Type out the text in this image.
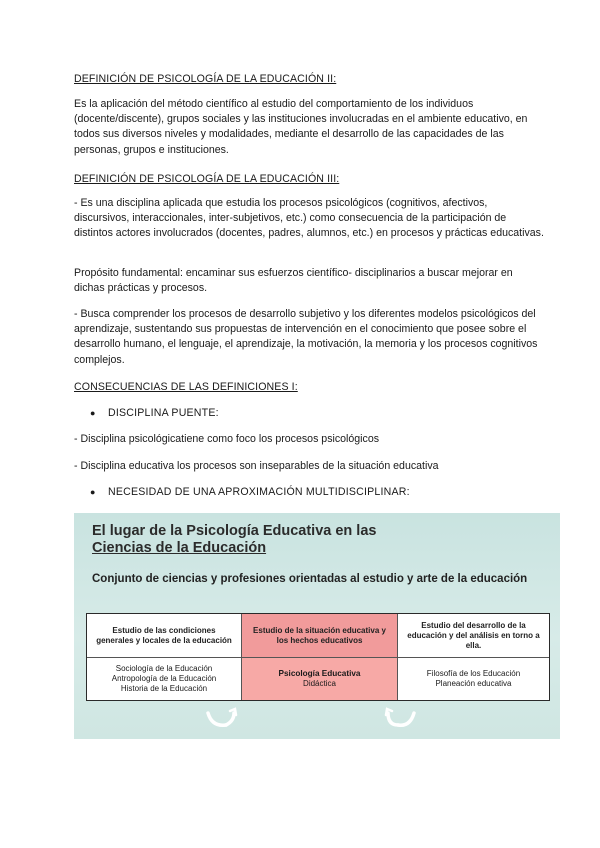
DEFINICIÓN DE PSICOLOGÍA DE LA EDUCACIÓN II:

Es la aplicación del método científico al estudio del comportamiento de los individuos (docente/discente), grupos sociales y las instituciones involucradas en el ambiente educativo, en todos sus diversos niveles y modalidades, mediante el desarrollo de las capacidades de las personas, grupos e instituciones.

DEFINICIÓN DE PSICOLOGÍA DE LA EDUCACIÓN III:

- Es una disciplina aplicada que estudia los procesos psicológicos (cognitivos, afectivos, discursivos, interaccionales, inter-subjetivos, etc.) como consecuencia de la participación de distintos actores involucrados (docentes, padres, alumnos, etc.) en procesos y prácticas educativas.

Propósito fundamental: encaminar sus esfuerzos científico- disciplinarios a buscar mejorar en dichas prácticas y procesos.

- Busca comprender los procesos de desarrollo subjetivo y los diferentes modelos psicológicos del aprendizaje, sustentando sus propuestas de intervención en el conocimiento que posee sobre el desarrollo humano, el lenguaje, el aprendizaje, la motivación, la memoria y los procesos cognitivos complejos.

CONSECUENCIAS DE LAS DEFINICIONES I:
● DISCIPLINA PUENTE:

- Disciplina psicológicatiene como foco los procesos psicológicos

- Disciplina educativa los procesos son inseparables de la situación educativa

● NECESIDAD DE UNA APROXIMACIÓN MULTIDISCIPLINAR:
El lugar de la Psicología Educativa en las
Ciencias de la Educación
Conjunto de ciencias y profesiones orientadas al estudio y arte de la educación
Estudio de las condiciones generales y locales de la educación
Estudio de la situación educativa y los hechos educativos
Estudio del desarrollo de la educación y del análisis en torno a ella.
Sociología de la Educación
Antropología de la Educación
Historia de la Educación
Psicología Educativa
Didáctica
Filosofía de los Educación
Planeación educativa
